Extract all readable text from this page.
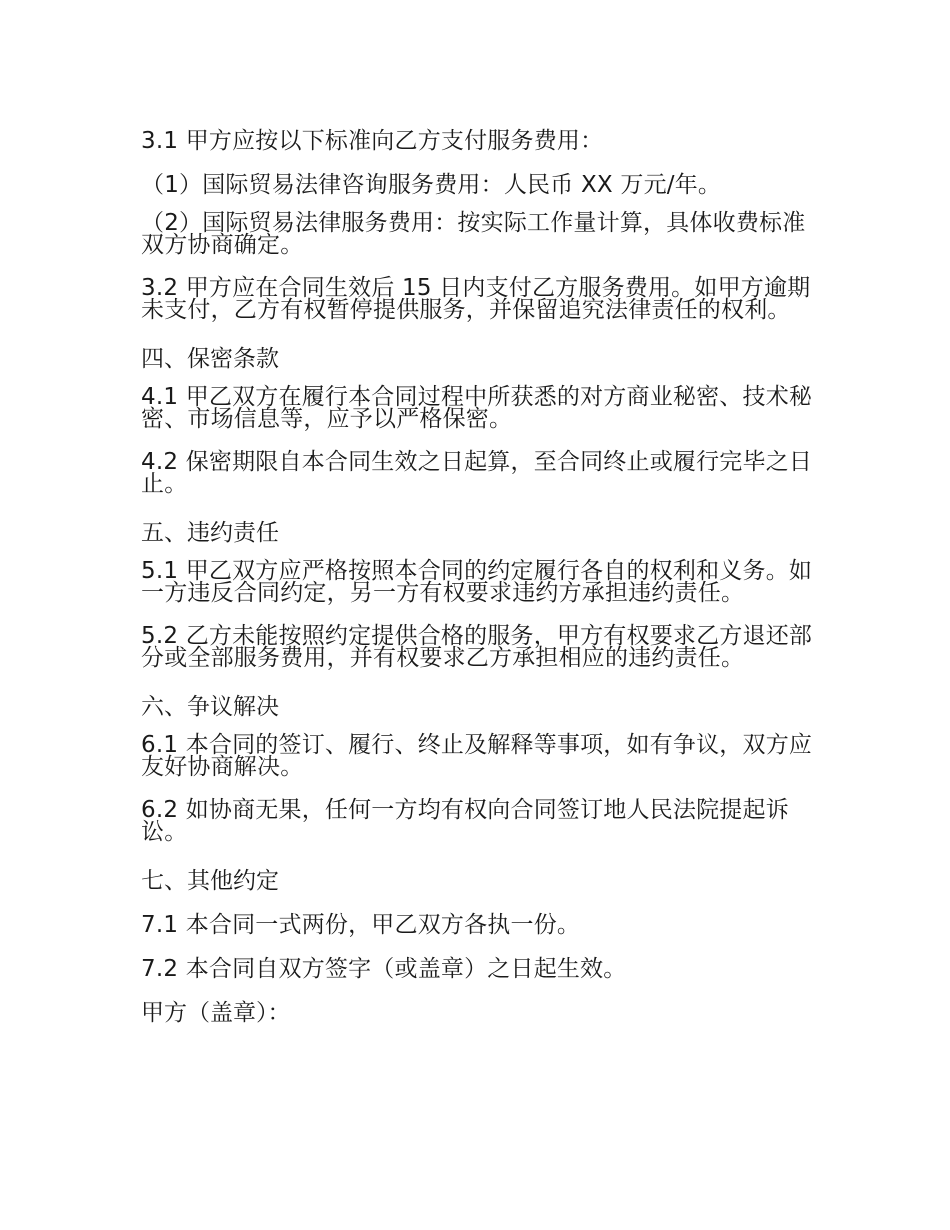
3.1 甲方应按以下标准向乙方支付服务费用：

（1）国际贸易法律咨询服务费用：人民币 XX 万元/年。

（2）国际贸易法律服务费用：按实际工作量计算，具体收费标准双方协商确定。

3.2 甲方应在合同生效后 15 日内支付乙方服务费用。如甲方逾期未支付，乙方有权暂停提供服务，并保留追究法律责任的权利。

四、保密条款

4.1 甲乙双方在履行本合同过程中所获悉的对方商业秘密、技术秘密、市场信息等，应予以严格保密。

4.2 保密期限自本合同生效之日起算，至合同终止或履行完毕之日止。

五、违约责任

5.1 甲乙双方应严格按照本合同的约定履行各自的权利和义务。如一方违反合同约定，另一方有权要求违约方承担违约责任。

5.2 乙方未能按照约定提供合格的服务，甲方有权要求乙方退还部分或全部服务费用，并有权要求乙方承担相应的违约责任。

六、争议解决

6.1 本合同的签订、履行、终止及解释等事项，如有争议，双方应友好协商解决。

6.2 如协商无果，任何一方均有权向合同签订地人民法院提起诉讼。

七、其他约定

7.1 本合同一式两份，甲乙双方各执一份。

7.2 本合同自双方签字（或盖章）之日起生效。

甲方（盖章）：
